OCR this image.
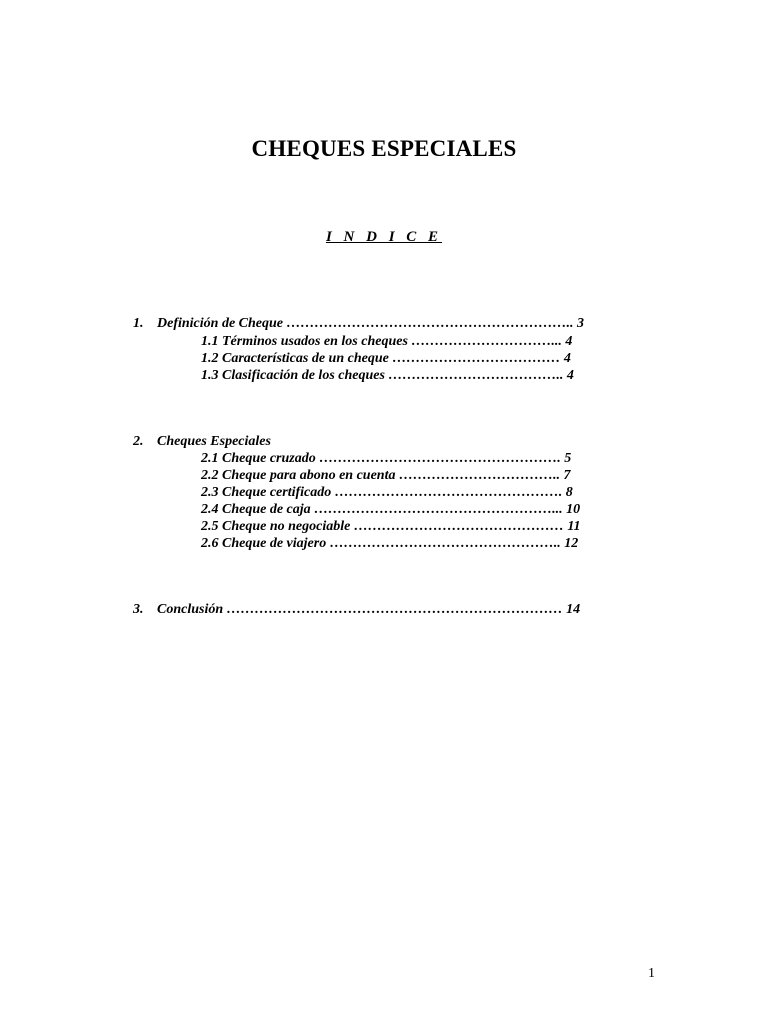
CHEQUES ESPECIALES
I N D I C E
1. Definición de Cheque …………………………………………………….. 3
1.1 Términos usados en los cheques …………………………... 4
1.2 Características de un cheque ……………………………… 4
1.3 Clasificación de los cheques ……………………………….. 4
2. Cheques Especiales
2.1 Cheque cruzado ……………………………………………. 5
2.2 Cheque para abono en cuenta …………………………….. 7
2.3 Cheque certificado …………………………………………. 8
2.4 Cheque de caja ……………………………………………... 10
2.5 Cheque no negociable ……………………………………… 11
2.6 Cheque de viajero ………………………………………….. 12
3. Conclusión ……………………………………………………………… 14
1
